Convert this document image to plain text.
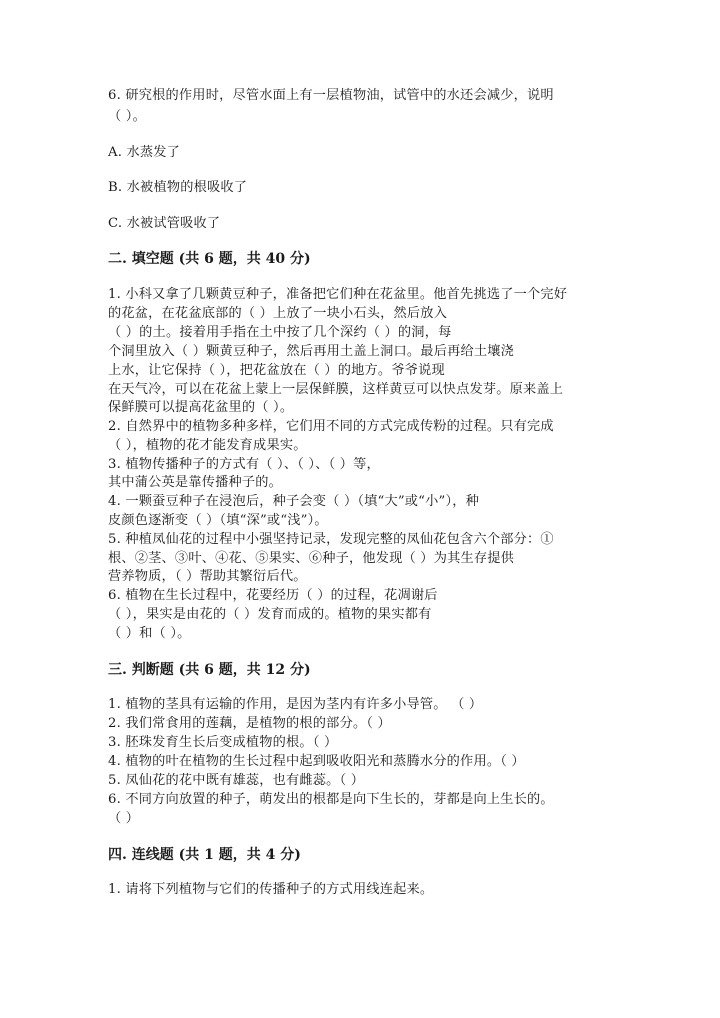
6. 研究根的作用时，尽管水面上有一层植物油，试管中的水还会减少，说明
（ ）。
A. 水蒸发了
B. 水被植物的根吸收了
C. 水被试管吸收了
二. 填空题 (共 6 题，共 40 分)
1. 小科又拿了几颗黄豆种子，准备把它们种在花盆里。他首先挑选了一个完好
的花盆，在花盆底部的（ ）上放了一块小石头，然后放入
（ ）的土。接着用手指在土中按了几个深约（ ）的洞，每
个洞里放入（ ）颗黄豆种子，然后再用土盖上洞口。最后再给土壤浇
上水，让它保持（ ），把花盆放在（ ）的地方。爷爷说现
在天气冷，可以在花盆上蒙上一层保鲜膜，这样黄豆可以快点发芽。原来盖上
保鲜膜可以提高花盆里的（ ）。
2. 自然界中的植物多种多样，它们用不同的方式完成传粉的过程。只有完成
（ ），植物的花才能发育成果实。
3. 植物传播种子的方式有（ ）、（ ）、（ ）等，
其中蒲公英是靠传播种子的。
4. 一颗蚕豆种子在浸泡后，种子会变（ ）（填“大”或“小”），种
皮颜色逐渐变（ ）（填“深”或“浅”）。
5. 种植凤仙花的过程中小强坚持记录，发现完整的凤仙花包含六个部分：①
根、②茎、③叶、④花、⑤果实、⑥种子，他发现（ ）为其生存提供
营养物质，（ ）帮助其繁衍后代。
6. 植物在生长过程中，花要经历（ ）的过程，花凋谢后
（ ），果实是由花的（ ）发育而成的。植物的果实都有
（ ）和（ ）。
三. 判断题 (共 6 题，共 12 分)
1. 植物的茎具有运输的作用，是因为茎内有许多小导管。 （ ）
2. 我们常食用的莲藕，是植物的根的部分。（ ）
3. 胚珠发育生长后变成植物的根。（ ）
4. 植物的叶在植物的生长过程中起到吸收阳光和蒸腾水分的作用。（ ）
5. 凤仙花的花中既有雄蕊，也有雌蕊。（ ）
6. 不同方向放置的种子，萌发出的根都是向下生长的，芽都是向上生长的。
（ ）
四. 连线题 (共 1 题，共 4 分)
1. 请将下列植物与它们的传播种子的方式用线连起来。
